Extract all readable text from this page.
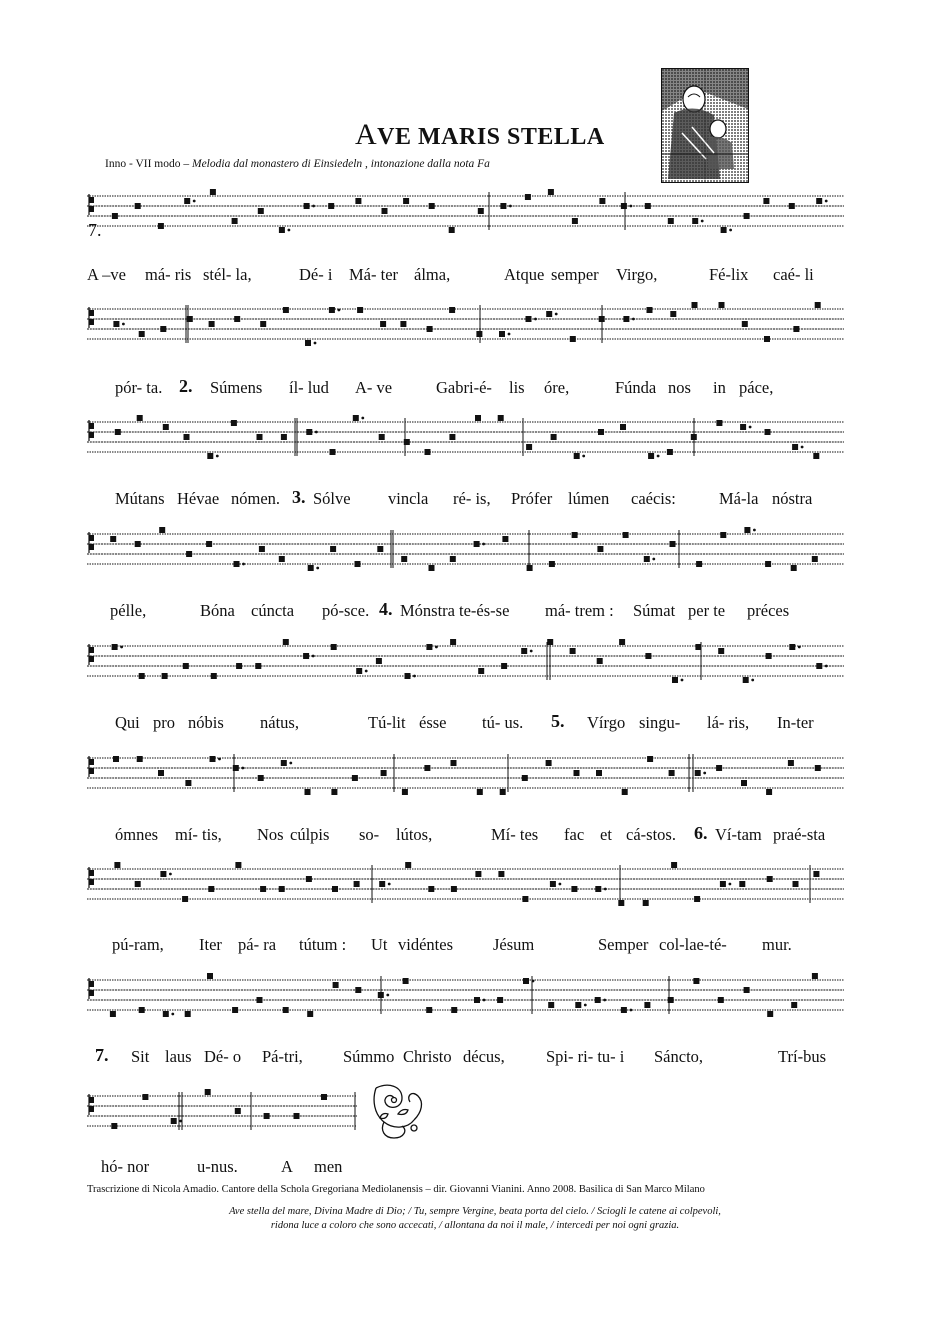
AVE MARIS STELLA
Inno - VII modo – Melodia dal monastero di Einsiedeln , intonazione dalla nota Fa
7.
A –ve má- ris stél- la,	Dé- i Má- ter álma,	Atque semper Virgo,	Fé-lix caé- li
pór- ta. 2. Súmens íl- lud A- ve	Gabri-é- lis óre,	Fúnda nos in páce,
Mútans Hévae nómen. 3. Sólve vincla ré- is, Prófer lúmen caécis:	Má-la nóstra
pélle,	Bóna cúncta pó-sce. 4. Mónstra te-és-se má- trem : Súmat per te préces
Qui pro nóbis nátus,	Tú-lit ésse tú- us. 5. Vírgo singu- lá- ris, In-ter
ómnes mí- tis, Nos cúlpis so- lútos,	Mí- tes fac et cá-stos. 6. Ví-tam praé-sta
pú-ram, Iter pá- ra tútum : Ut vidéntes Jésum	Semper col-lae-té- mur.
7. Sit laus Dé- o Pá-tri, Súmmo Christo décus,	Spi- ri- tu- i Sáncto,	Trí-bus
hó- nor	u-nus.	A men
Trascrizione di Nicola Amadio. Cantore della Schola Gregoriana Mediolanensis – dir. Giovanni Vianini. Anno 2008. Basilica di San Marco Milano
Ave stella del mare, Divina Madre di Dio; / Tu, sempre Vergine, beata porta del cielo. / Sciogli le catene ai colpevoli,
ridona luce a coloro che sono accecati, / allontana da noi il male, / intercedi per noi ogni grazia.
